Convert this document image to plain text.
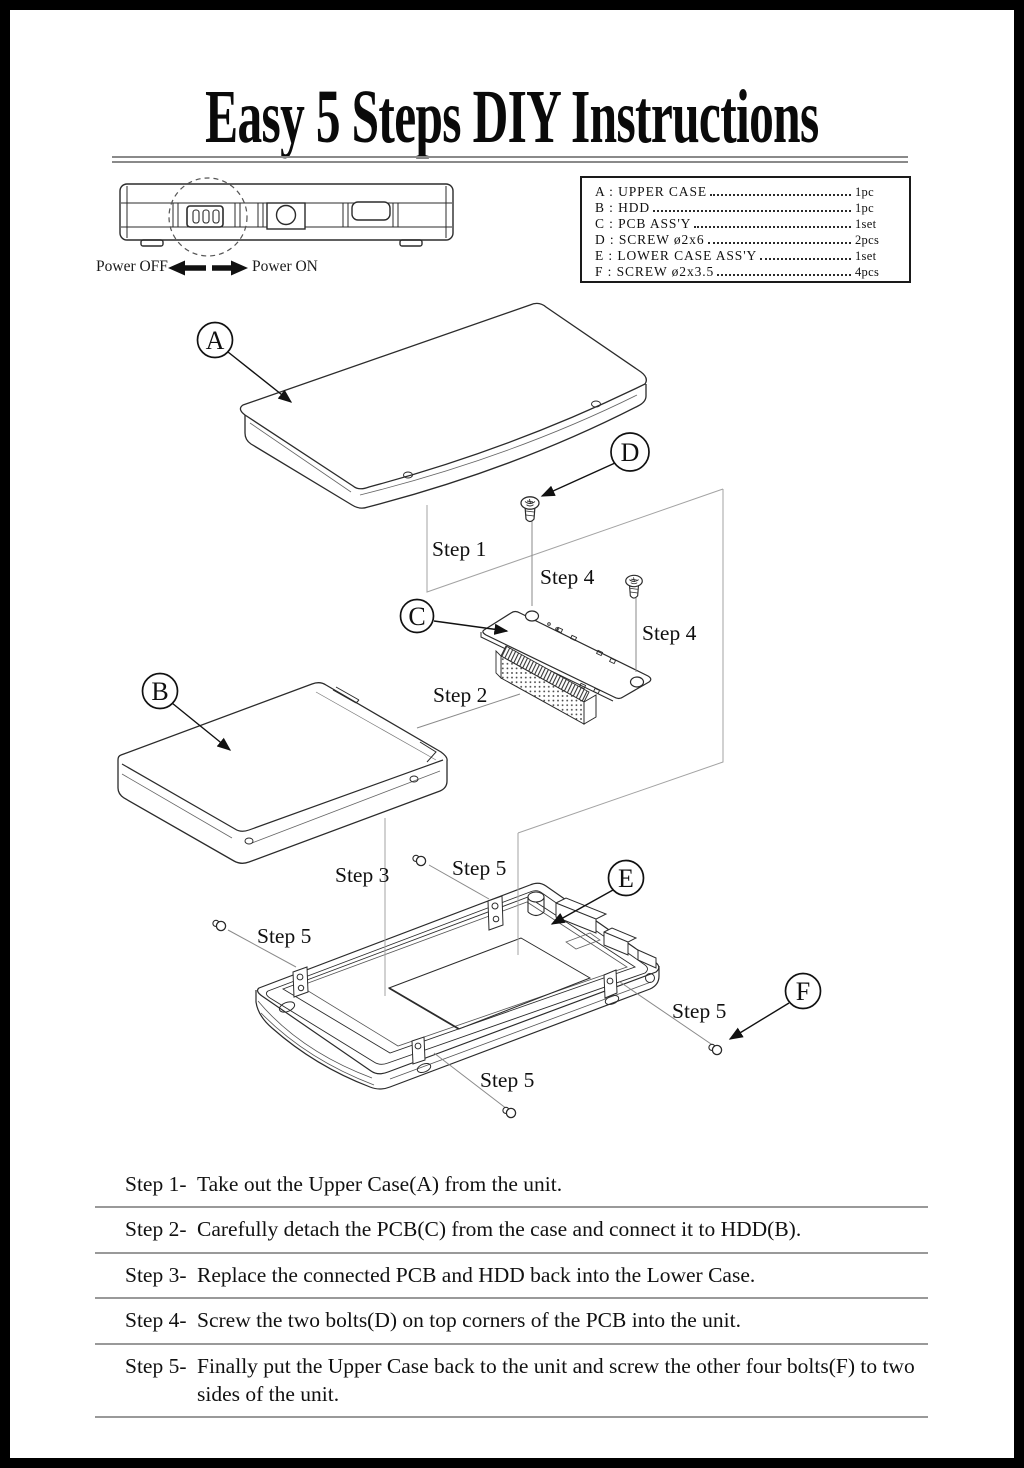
Easy 5 Steps DIY Instructions
Power OFF	Power ON
A : UPPER CASE	1pc
B : HDD	1pc
C : PCB ASS'Y	1set
D : SCREW ø2x6	2pcs
E : LOWER CASE ASS'Y	1set
F : SCREW ø2x3.5	4pcs
A
B
C
D
E
F
Step 1
Step 4
Step 4
Step 2
Step 3	Step 5
Step 5
Step 5
Step 5
Step 1- Take out the Upper Case(A) from the unit.
Step 2- Carefully detach the PCB(C) from the case and connect it to HDD(B).
Step 3- Replace the connected PCB and HDD back into the Lower Case.
Step 4- Screw the two bolts(D) on top corners of the PCB into the unit.
Step 5- Finally put the Upper Case back to the unit and screw the other four bolts(F) to two sides of the unit.
